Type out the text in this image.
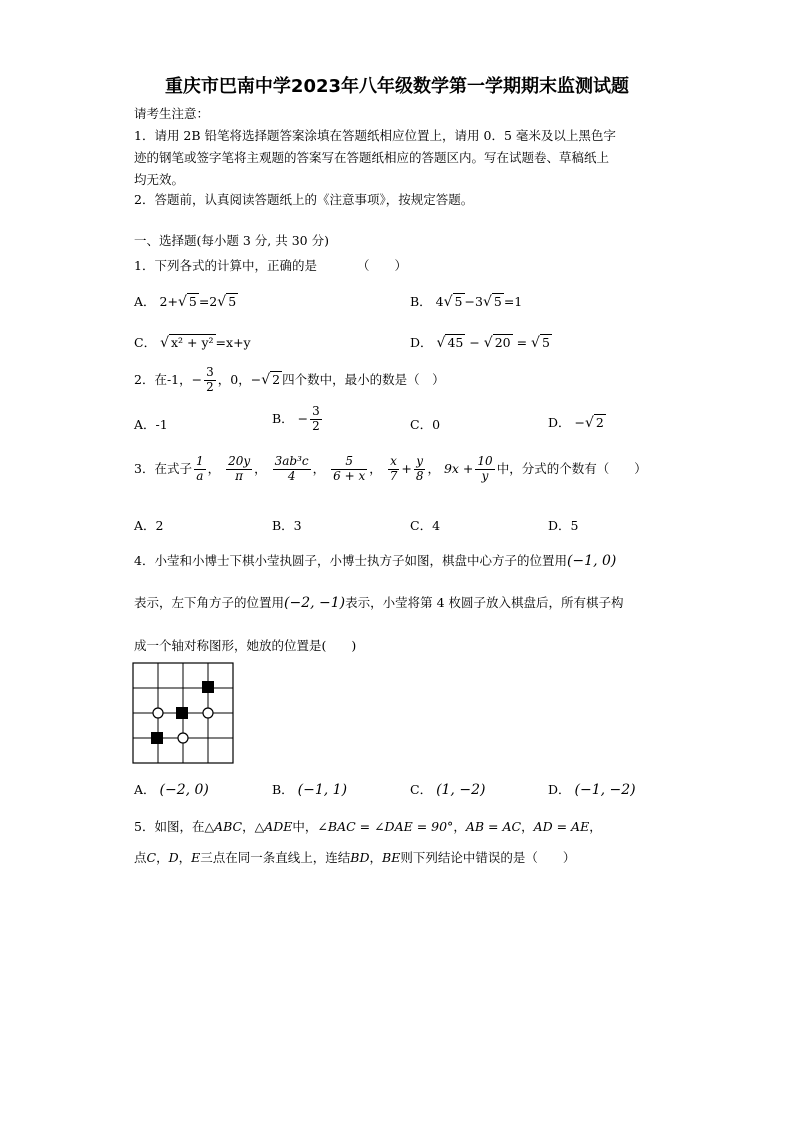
重庆市巴南中学2023年八年级数学第一学期期末监测试题
请考生注意：
1．请用 2B 铅笔将选择题答案涂填在答题纸相应位置上，请用 0．5 毫米及以上黑色字
迹的钢笔或签字笔将主观题的答案写在答题纸相应的答题区内。写在试题卷、草稿纸上
均无效。
2．答题前，认真阅读答题纸上的《注意事项》，按规定答题。
一、选择题(每小题 3 分, 共 30 分)
1．下列各式的计算中，正确的是	（　　）
A． 2+√ 5 =2√ 5	B． 4√ 5 −3√ 5 =1
C． √ x² + y² =x+y	D． √ 45 − √ 20 = √ 5
2．在-1，− $\frac{3}{2}$ ，0，−√ 2 四个数中，最小的数是（　）
A．-1	B． − $\frac{3}{2}$	C．0	D． −√ 2
3．在式子 $\frac{1}{a}$ ， $\frac{20y}{\pi}$ ， $\frac{\text{3ab³c}}{4}$ ， $\frac{5}{6 + x}$ ， $\frac{x}{7} + \frac{y}{8}$ ， $9x + \frac{10}{y}$ 中，分式的个数有（　　）
A．2	B．3	C．4	D．5
4．小莹和小博士下棋小莹执圆子，小博士执方子如图，棋盘中心方子的位置用(−1, 0)
表示，左下角方子的位置用(−2, −1)表示，小莹将第 4 枚圆子放入棋盘后，所有棋子构
成一个轴对称图形，她放的位置是(　　)
A． (−2, 0)	B． (−1, 1)	C． (1, −2)	D． (−1, −2)
5．如图，在△ABC，△ADE中，∠BAC = ∠DAE = 90°，AB = AC，AD = AE，
点C，D，E三点在同一条直线上，连结BD，BE则下列结论中错误的是（　　）
